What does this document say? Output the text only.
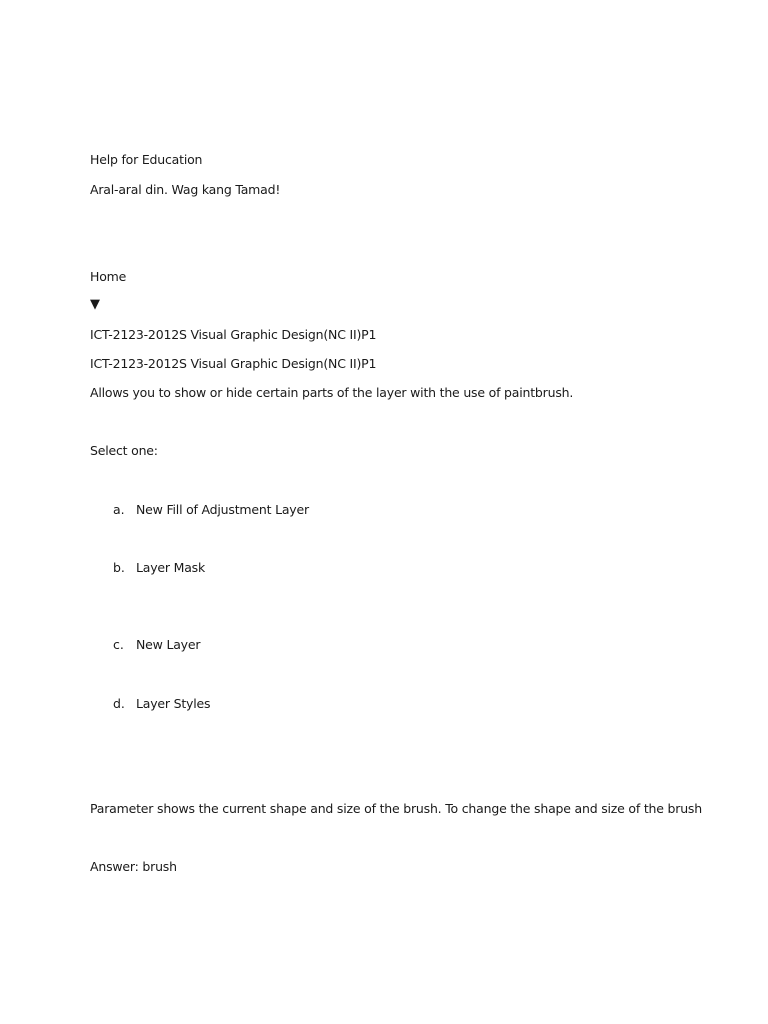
Help for Education
Aral-aral din. Wag kang Tamad!
Home
▼
ICT-2123-2012S Visual Graphic Design(NC II)P1
ICT-2123-2012S Visual Graphic Design(NC II)P1
Allows you to show or hide certain parts of the layer with the use of paintbrush.
Select one:
a. New Fill of Adjustment Layer
b. Layer Mask
c. New Layer
d. Layer Styles
Parameter shows the current shape and size of the brush. To change the shape and size of the brush
Answer: brush
